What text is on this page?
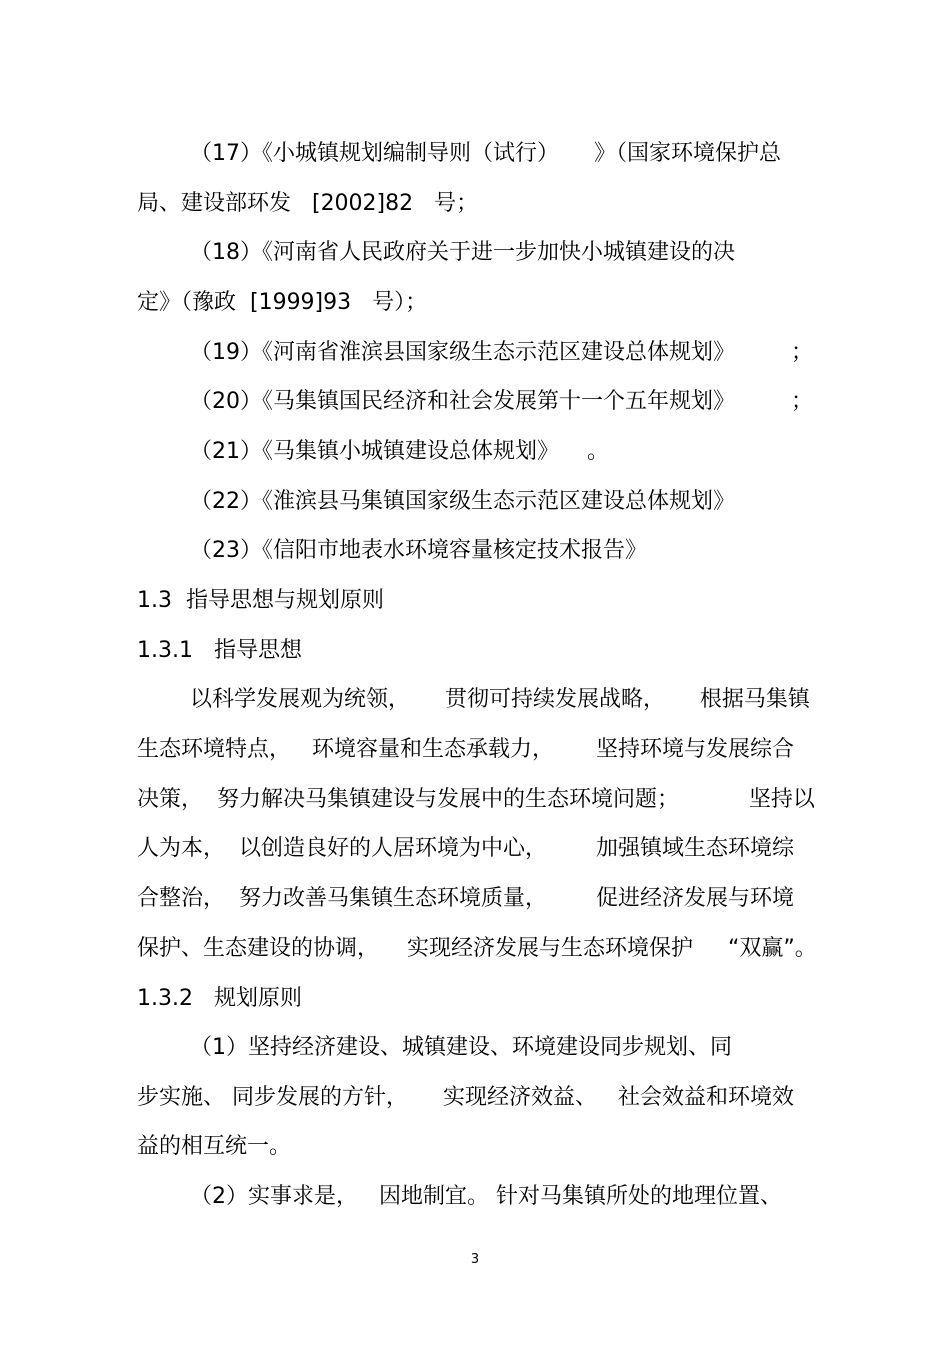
（17）《小城镇规划编制导则（试行）     》（国家环境保护总
局、建设部环发   [2002]82   号；
（18）《河南省人民政府关于进一步加快小城镇建设的决
定》（豫政  [1999]93   号）；
（19）《河南省淮滨县国家级生态示范区建设总体规划》        ；
（20）《马集镇国民经济和社会发展第十一个五年规划》        ；
（21）《马集镇小城镇建设总体规划》    。
（22）《淮滨县马集镇国家级生态示范区建设总体规划》
（23）《信阳市地表水环境容量核定技术报告》
1.3  指导思想与规划原则
1.3.1   指导思想
以科学发展观为统领，     贯彻可持续发展战略，     根据马集镇
生态环境特点，   环境容量和生态承载力，      坚持环境与发展综合
决策，  努力解决马集镇建设与发展中的生态环境问题；          坚持以
人为本，  以创造良好的人居环境为中心，       加强镇域生态环境综
合整治，  努力改善马集镇生态环境质量，       促进经济发展与环境
保护、生态建设的协调，    实现经济发展与生态环境保护     “双赢”。
1.3.2   规划原则
（1）坚持经济建设、城镇建设、环境建设同步规划、同
步实施、 同步发展的方针，     实现经济效益、   社会效益和环境效
益的相互统一。
（2）实事求是，   因地制宜。 针对马集镇所处的地理位置、
3
